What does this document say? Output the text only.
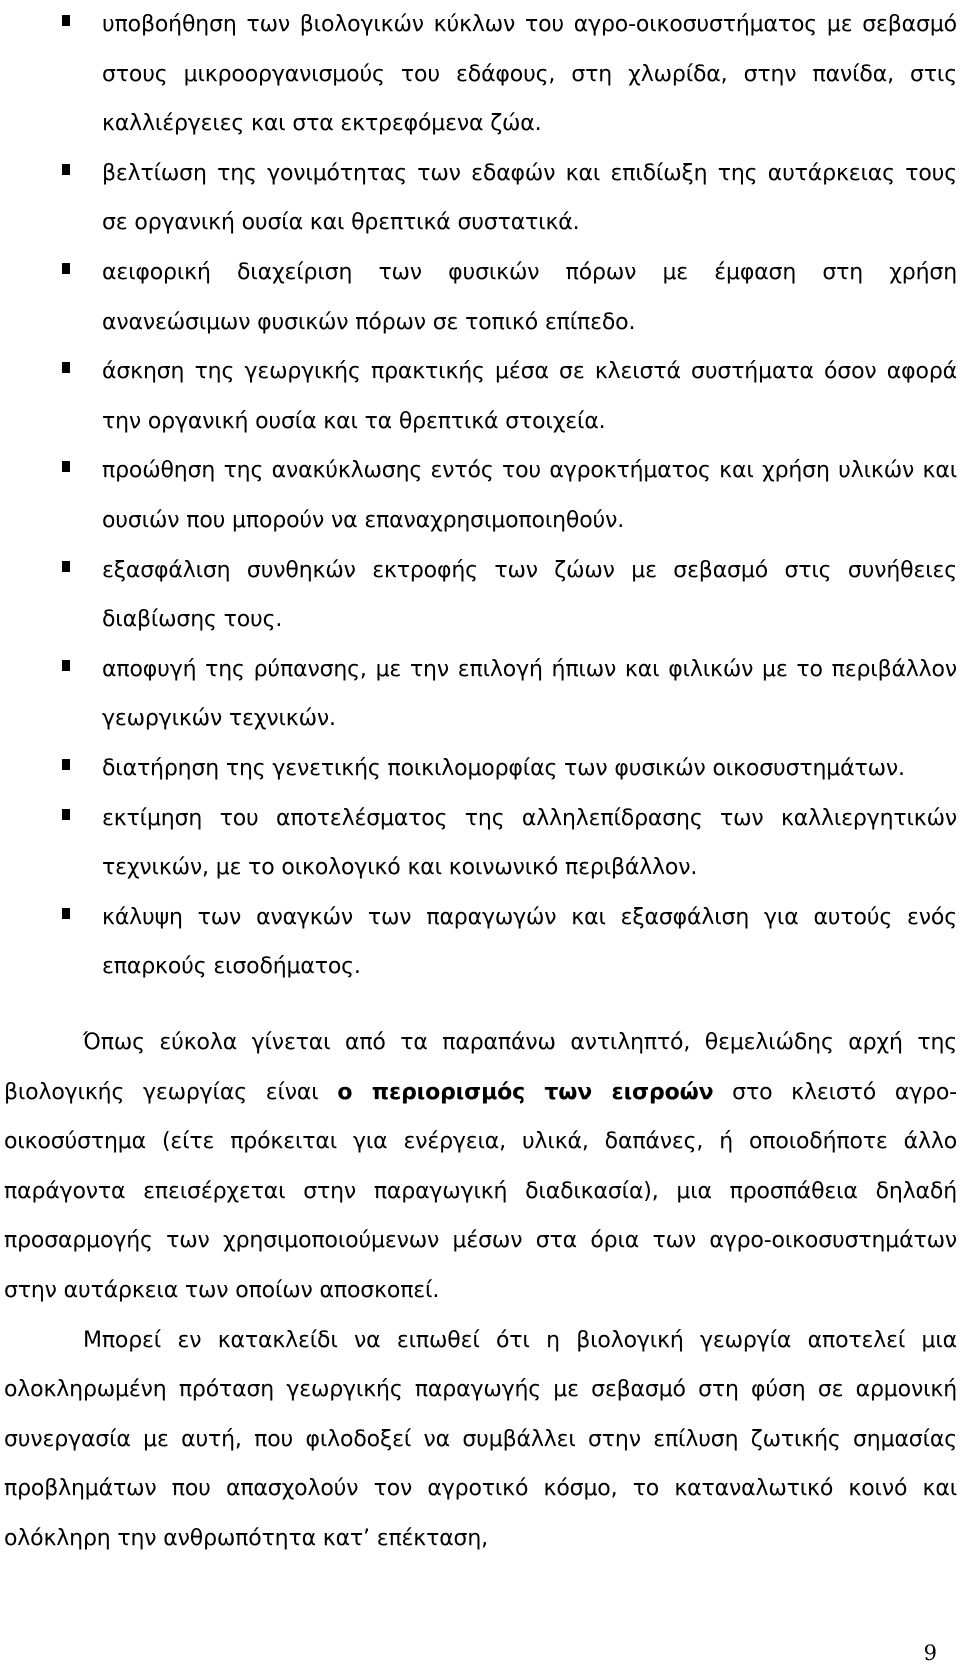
υποβοήθηση των βιολογικών κύκλων του αγρο-οικοσυστήματος με σεβασμό στους μικροοργανισμούς του εδάφους, στη χλωρίδα, στην πανίδα, στις καλλιέργειες και στα εκτρεφόμενα ζώα.
βελτίωση της γονιμότητας των εδαφών και επιδίωξη της αυτάρκειας τους σε οργανική ουσία και θρεπτικά συστατικά.
αειφορική διαχείριση των φυσικών πόρων με έμφαση στη χρήση ανανεώσιμων φυσικών πόρων σε τοπικό επίπεδο.
άσκηση της γεωργικής πρακτικής μέσα σε κλειστά συστήματα όσον αφορά την οργανική ουσία και τα θρεπτικά στοιχεία.
προώθηση της ανακύκλωσης εντός του αγροκτήματος και χρήση υλικών και ουσιών που μπορούν να επαναχρησιμοποιηθούν.
εξασφάλιση συνθηκών εκτροφής των ζώων με σεβασμό στις συνήθειες διαβίωσης τους.
αποφυγή της ρύπανσης, με την επιλογή ήπιων και φιλικών με το περιβάλλον γεωργικών τεχνικών.
διατήρηση της γενετικής ποικιλομορφίας των φυσικών οικοσυστημάτων.
εκτίμηση του αποτελέσματος της αλληλεπίδρασης των καλλιεργητικών τεχνικών, με το οικολογικό και κοινωνικό περιβάλλον.
κάλυψη των αναγκών των παραγωγών και εξασφάλιση για αυτούς ενός επαρκούς εισοδήματος.

Όπως εύκολα γίνεται από τα παραπάνω αντιληπτό, θεμελιώδης αρχή της βιολογικής γεωργίας είναι ο περιορισμός των εισροών στο κλειστό αγρο-οικοσύστημα (είτε πρόκειται για ενέργεια, υλικά, δαπάνες, ή οποιοδήποτε άλλο παράγοντα επεισέρχεται στην παραγωγική διαδικασία), μια προσπάθεια δηλαδή προσαρμογής των χρησιμοποιούμενων μέσων στα όρια των αγρο-οικοσυστημάτων στην αυτάρκεια των οποίων αποσκοπεί.

Μπορεί εν κατακλείδι να ειπωθεί ότι η βιολογική γεωργία αποτελεί μια ολοκληρωμένη πρόταση γεωργικής παραγωγής με σεβασμό στη φύση σε αρμονική συνεργασία με αυτή, που φιλοδοξεί να συμβάλλει στην επίλυση ζωτικής σημασίας προβλημάτων που απασχολούν τον αγροτικό κόσμο, το καταναλωτικό κοινό και ολόκληρη την ανθρωπότητα κατ’ επέκταση,

9
